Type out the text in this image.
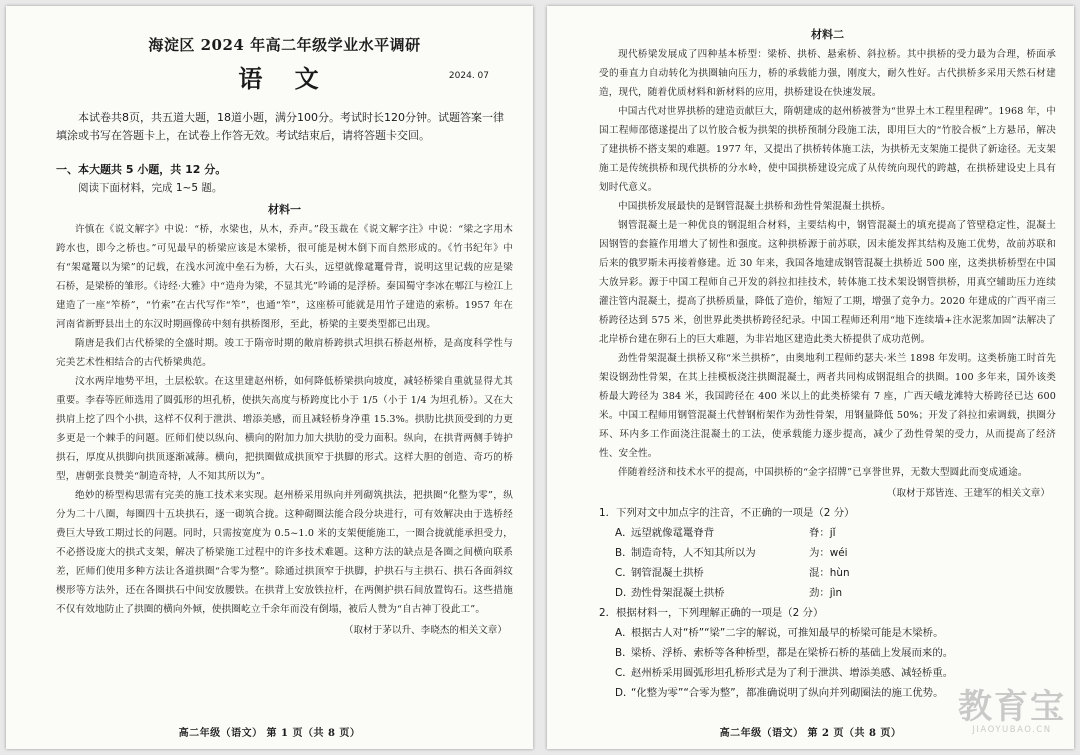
海淀区 2024 年高二年级学业水平调研
语 文	2024. 07

本试卷共8页，共五道大题，18道小题，满分100分。考试时长120分钟。试题答案一律填涂或书写在答题卡上，在试卷上作答无效。考试结束后，请将答题卡交回。

一、本大题共 5 小题，共 12 分。

阅读下面材料，完成 1~5 题。

材料一

许慎在《说文解字》中说：“桥，水梁也，从木，乔声。”段玉裁在《说文解字注》中说：“梁之字用木跨水也，即今之桥也。”可见最早的桥梁应该是木梁桥，很可能是树木倒下而自然形成的。《竹书纪年》中有“架鼋鼍以为梁”的记载，在浅水河流中垒石为桥，大石头，远望就像鼋鼍骨背，说明这里记载的应是梁石桥，是梁桥的雏形。《诗经·大雅》中“造舟为梁，不显其光”吟诵的是浮桥。秦国蜀守李冰在郫江与检江上建造了一座“笮桥”，“竹索”在古代写作“笮”，也通“笮”，这座桥可能就是用竹子建造的索桥。1957 年在河南省新野县出土的东汉时期画像砖中刻有拱桥图形，至此，桥梁的主要类型都已出现。

隋唐是我们古代桥梁的全盛时期。竣工于隋帝时期的敞肩桥跨拱式坦拱石桥赵州桥，是高度科学性与完美艺术性相结合的古代桥梁典范。

汶水两岸地势平坦，土层松软。在这里建赵州桥，如何降低桥梁拱向坡度，减轻桥梁自重就显得尤其重要。李春等匠师选用了圆弧形的坦孔桥，使拱矢高度与桥跨度比小于 1/5（小于 1/4 为坦孔桥）。又在大拱肩上挖了四个小拱，这样不仅利于泄洪、增添美感，而且减轻桥身净重 15.3%。拱肋比拱顶受到的力更多更是一个棘手的问题。匠师们使以纵向、横向的附加力加大拱肋的受力面积。纵向，在拱背两侧手铸护拱石，厚度从拱脚向拱顶逐渐减薄。横向，把拱圈做成拱顶窄于拱脚的形式。这样大胆的创造、奇巧的桥型，唐朝张良赞美“制造奇特，人不知其所以为”。

绝妙的桥型构思需有完美的施工技术来实现。赵州桥采用纵向并列砌筑拱法，把拱圈“化整为零”，纵分为二十八圈，每圈四十五块拱石，逐一砌筑合拢。这种砌圈法能合段分块进行，可有效解决由于选桥经费巨大导致工期过长的问题。同时，只需按宽度为 0.5~1.0 米的支架便能施工，一圈合拢就能承担受力，不必搭设庞大的拱式支架，解决了桥梁施工过程中的许多技术难题。这种方法的缺点是各圈之间横向联系差，匠师们使用多种方法让各道拱圈“合零为整”。除通过拱顶窄于拱脚，护拱石与主拱石、拱石各面斜纹楔形等方法外，还在各圈拱石中间安放腰铁。在拱背上安放铁拉杆，在两侧护拱石间放置钩石。这些措施不仅有效地防止了拱圈的横向外倾，使拱圈屹立千余年而没有倒塌，被后人赞为“自古神丁役此工”。

（取材于茅以升、李晓杰的相关文章）

高二年级（语文） 第 1 页（共 8 页）
材料二

现代桥梁发展成了四种基本桥型：梁桥、拱桥、悬索桥、斜拉桥。其中拱桥的受力最为合理，桥面承受的垂直力自动转化为拱圈轴向压力，桥的承载能力强，刚度大，耐久性好。古代拱桥多采用天然石材建造，现代，随着优质材料和新材料的应用，拱桥建设在快速发展。

中国古代对世界拱桥的建造贡献巨大，隋朝建成的赵州桥被誉为“世界土木工程里程碑”。1968 年，中国工程师邵德遂提出了以竹胶合板为拱架的拱桥预制分段施工法，即用巨大的“竹胶合板”上方悬吊，解决了建拱桥不搭支架的难题。1977 年，又提出了拱桥转体施工法，为拱桥无支架施工提供了新途径。无支架施工是传统拱桥和现代拱桥的分水岭，使中国拱桥建设完成了从传统向现代的跨越，在拱桥建设史上具有划时代意义。

中国拱桥发展最快的是钢管混凝土拱桥和劲性骨架混凝土拱桥。

钢管混凝土是一种优良的钢混组合材料，主要结构中，钢管混凝土的填充提高了管壁稳定性，混凝土因钢管的套箍作用增大了韧性和强度。这种拱桥源于前苏联，因未能发挥其结构及施工优势，故前苏联和后来的俄罗斯未再接着修建。近 30 年来，我国各地建成钢管混凝土拱桥近 500 座，这类拱桥桥型在中国大放异彩。源于中国工程师自己开发的斜拉扣挂技术，转体施工技术架设钢管拱桥，用真空辅助压力连续灌注管内混凝土，提高了拱桥质量，降低了造价，缩短了工期，增强了竞争力。2020 年建成的广西平南三桥跨径达到 575 米，创世界此类拱桥跨径纪录。中国工程师还利用“地下连续墙+注水泥浆加固”法解决了北岸桥台建在卵石上的巨大难题，为非岩地区建造此类大桥提供了成功范例。

劲性骨架混凝土拱桥又称“米兰拱桥”，由奥地利工程师约瑟夫·米兰 1898 年发明。这类桥施工时首先架设钢劲性骨架，在其上挂模板浇注拱圈混凝土，两者共同构成钢混组合的拱圈。100 多年来，国外该类桥最大跨径为 384 米，我国跨径在 400 米以上的此类桥梁有 7 座，广西天峨龙滩特大桥跨径已达 600 米。中国工程师用钢管混凝土代替钢桁架作为劲性骨架，用钢量降低 50%；开发了斜拉扣索调载，拱圈分环、环内多工作面浇注混凝土的工法，使承载能力逐步提高，减少了劲性骨架的受力，从而提高了经济性、安全性。

伴随着经济和技术水平的提高，中国拱桥的“金字招牌”已享誉世界，无数大型圆此而变成通途。

（取材于郑皆连、王建军的相关文章）

1．下列对文中加点字的注音，不正确的一项是（2 分）

A．远望就像鼋鼍脊背	脊：jǐ
B．制造奇特，人不知其所以为	为：wéi
C．钢管混凝土拱桥	混：hùn
D．劲性骨架混凝土拱桥	劲：jìn

2．根据材料一，下列理解正确的一项是（2 分）

A．根据古人对“桥”“梁”二字的解说，可推知最早的桥梁可能是木梁桥。
B．梁桥、浮桥、索桥等各种桥型，都是在梁桥石桥的基础上发展而来的。
C．赵州桥采用圆弧形坦孔桥形式是为了利于泄洪、增添美感、减轻桥重。
D．“化整为零”“合零为整”，都准确说明了纵向并列砌圈法的施工优势。
高二年级（语文） 第 2 页（共 8 页）
教育宝
JIAOYUBAO.CN
